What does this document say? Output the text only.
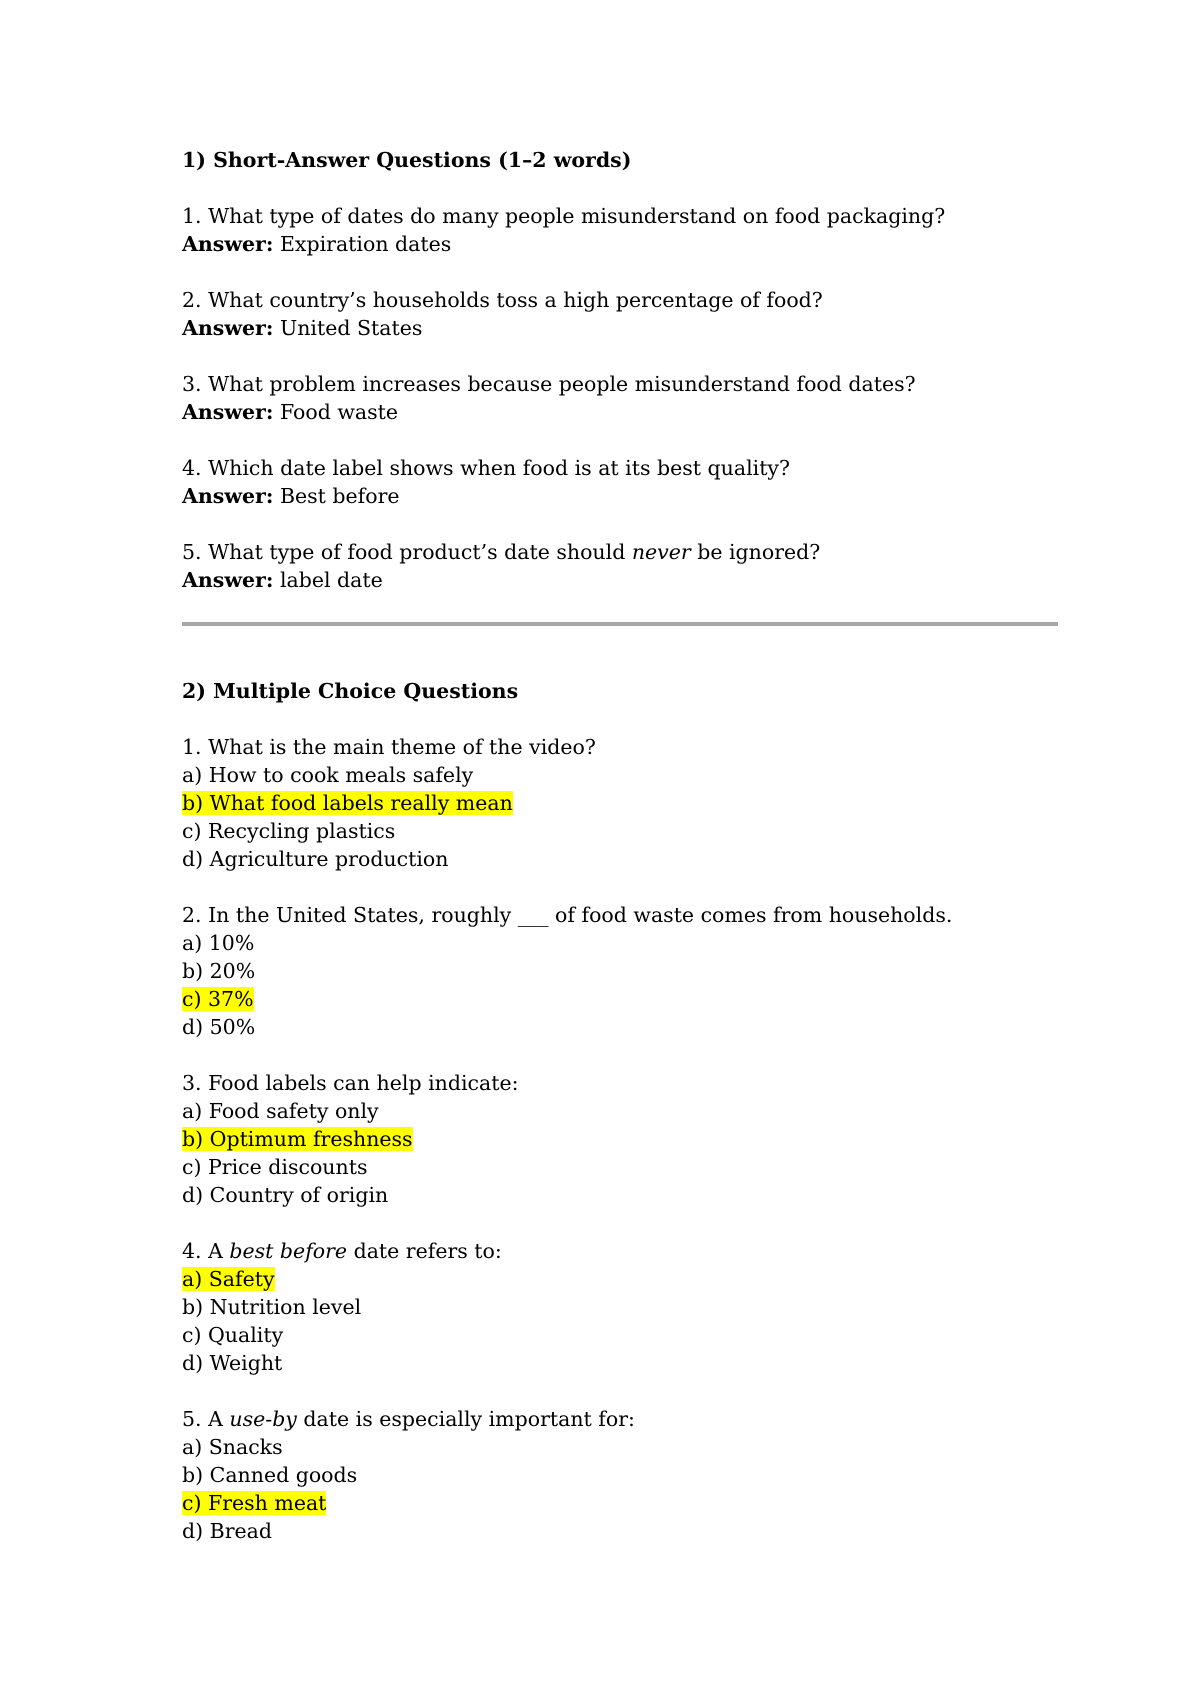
1) Short-Answer Questions (1–2 words)
1. What type of dates do many people misunderstand on food packaging?
Answer: Expiration dates
2. What country’s households toss a high percentage of food?
Answer: United States
3. What problem increases because people misunderstand food dates?
Answer: Food waste
4. Which date label shows when food is at its best quality?
Answer: Best before
5. What type of food product’s date should never be ignored?
Answer: label date
2) Multiple Choice Questions
1. What is the main theme of the video?
a) How to cook meals safely
b) What food labels really mean
c) Recycling plastics
d) Agriculture production
2. In the United States, roughly ___ of food waste comes from households.
a) 10%
b) 20%
c) 37%
d) 50%
3. Food labels can help indicate:
a) Food safety only
b) Optimum freshness
c) Price discounts
d) Country of origin
4. A best before date refers to:
a) Safety
b) Nutrition level
c) Quality
d) Weight
5. A use-by date is especially important for:
a) Snacks
b) Canned goods
c) Fresh meat
d) Bread
